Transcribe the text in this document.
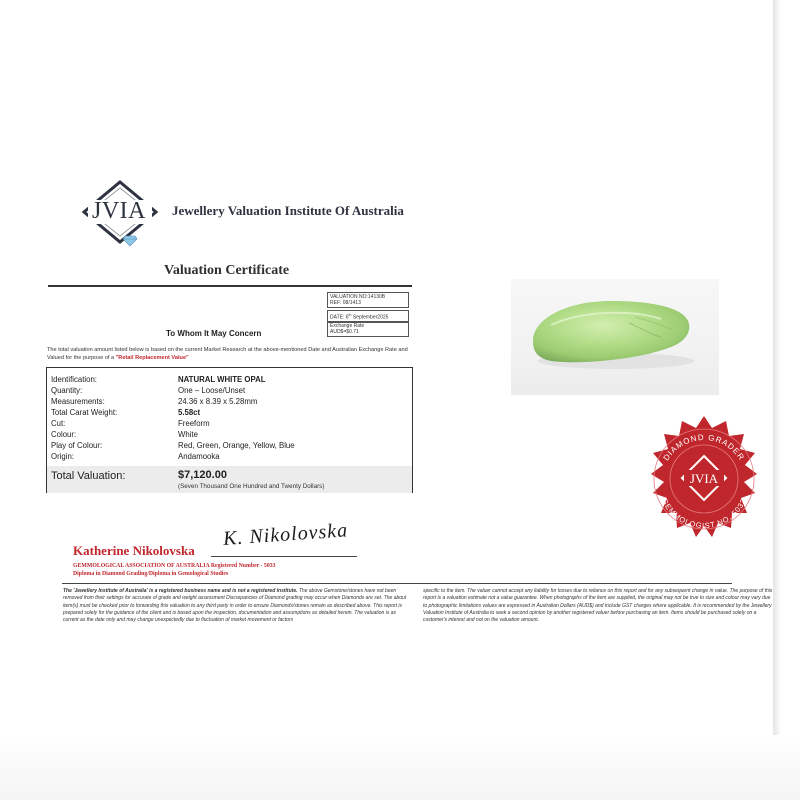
JVIA Jewellery Valuation Institute Of Australia
Valuation Certificate
VALUATION NO:14130B
REF: 08/1413
DATE: 6th September2025
Exchange Rate
AUD$=$0.71
To Whom It May Concern
The total valuation amount listed below is based on the current Market Research at the above-mentioned Date and Australian Exchange Rate and Valued for the purpose of a "Retail Replacement Value"
Identification:	NATURAL WHITE OPAL
Quantity:	One – Loose/Unset
Measurements:	24.36 x 8.39 x 5.28mm
Total Carat Weight:	5.58ct
Cut:	Freeform
Colour:	White
Play of Colour:	Red, Green, Orange, Yellow, Blue
Origin:	Andamooka
Total Valuation:	$7,120.00
(Seven Thousand One Hundred and Twenty Dollars)
DIAMOND GRADER
GEMMOLOGIST NO. 5033
JVIA
Katherine Nikolovska
K. Nikolovska
GEMMOLOGICAL ASSOCIATION OF AUSTRALIA Registered Number - 5033
Diploma in Diamond Grading/Diploma in Gemological Studies
The 'Jewellery Institute of Australia' is a registered business name and is not a registered institute. The above Gemstone/stones have not been removed from their settings for accurate of grade and weight assessment Discrepancies of Diamond grading may occur when Diamonds are set. The about item(s) must be checked prior to forwarding this valuation to any third party in order to ensure Diamonds/stones remain as described above. This report is prepared solely for the guidance of the client and is based upon the inspection, documentation and assumptions as detailed herein. The valuation is as current as the date only and may change unexpectedly due to fluctuation of market movement or factors
specific to the item. The valuer cannot accept any liability for losses due to reliance on this report and for any subsequent change in value. The purpose of this report is a valuation estimate not a value guarantee. When photographs of the item are supplied, the original may not be true to size and colour may vary due to photographic limitations values are expressed in Australian Dollars (AUD$) and include GST charges where applicable. It is recommended by the Jewellery Valuation Institute of Australia to seek a second opinion by another registered valuer before purchasing an item. Items should be purchased solely on a customer's interest and not on the valuation amount.
